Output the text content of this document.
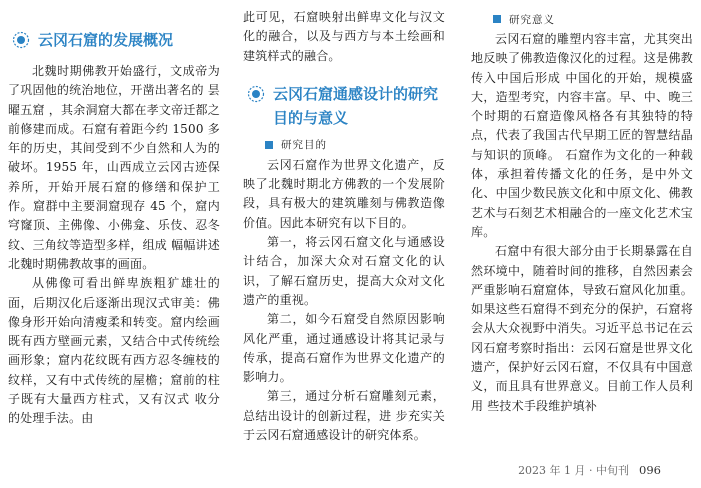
云冈石窟的发展概况

北魏时期佛教开始盛行，文成帝为了巩固他的统治地位，开凿出著名的 昙曜五窟 ，其余洞窟大都在孝文帝迁都之前修建而成。石窟有着距今约 1500 多年的历史，其间受到不少自然和人为的破坏。1955 年，山西成立云冈古迹保养所，开始开展石窟的修缮和保护工作。窟群中主要洞窟现存 45 个，窟内穹窿顶、主佛像、小佛龛、乐伎、忍冬纹、三角纹等造型多样，组成 幅幅讲述北魏时期佛教故事的画面。

从佛像可看出鲜卑族粗犷雄壮的 面，后期汉化后逐渐出现汉式审美：佛像身形开始向清瘦柔和转变。窟内绘画既有西方壁画元素，又结合中式传统绘画形象；窟内花纹既有西方忍冬缠枝的纹样，又有中式传统的屋檐；窟前的柱子既有大量西方柱式，又有汉式 收分 的处理手法。由

此可见，石窟映射出鲜卑文化与汉文化的融合，以及与西方与本土绘画和建筑样式的融合。

云冈石窟通感设计的研究目的与意义
研究目的

云冈石窟作为世界文化遗产，反映了北魏时期北方佛教的一个发展阶段，具有极大的建筑雕刻与佛教造像价值。因此本研究有以下目的。

第一，将云冈石窟文化与通感设计结合，加深大众对石窟文化的认识，了解石窟历史，提高大众对文化遗产的重视。

第二，如今石窟受自然原因影响风化严重，通过通感设计将其记录与传承，提高石窟作为世界文化遗产的影响力。

第三，通过分析石窟雕刻元素，总结出设计的创新过程，进 步充实关于云冈石窟通感设计的研究体系。

研究意义

云冈石窟的雕塑内容丰富，尤其突出地反映了佛教造像汉化的过程。这是佛教传入中国后形成 中国化的开始，规模盛大，造型考究，内容丰富。早、中、晚三个时期的石窟造像风格各有其独特的特点，代表了我国古代早期工匠的智慧结晶与知识的顶峰。 石窟作为文化的一种载体，承担着传播文化的任务，是中外文化、中国少数民族文化和中原文化、佛教艺术与石刻艺术相融合的一座文化艺术宝库。

石窟中有很大部分由于长期暴露在自然环境中，随着时间的推移，自然因素会严重影响石窟窟体，导致石窟风化加重。如果这些石窟得不到充分的保护，石窟将会从大众视野中消失。习近平总书记在云冈石窟考察时指出：云冈石窟是世界文化遗产，保护好云冈石窟，不仅具有中国意义，而且具有世界意义。目前工作人员利用 些技术手段维护填补

2023 年 1 月 · 中旬刊 096
